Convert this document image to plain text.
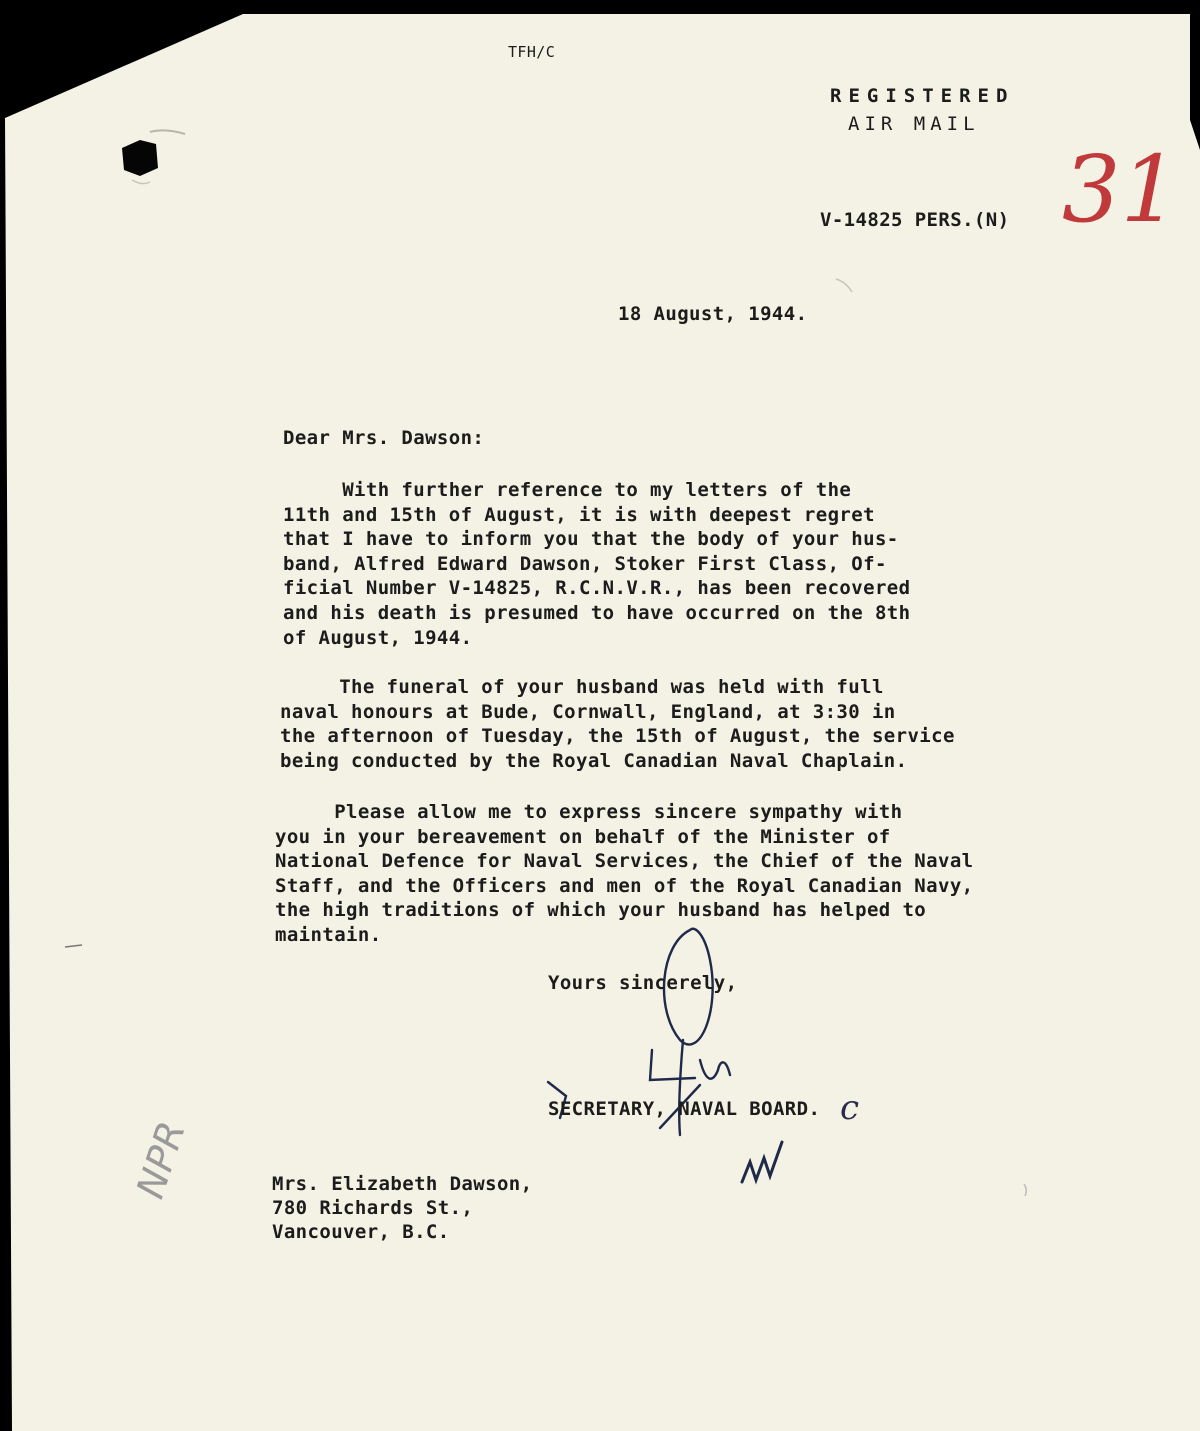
TFH/C
REGISTERED
AIR MAIL
V-14825 PERS.(N) 31
18 August, 1944.
Dear Mrs. Dawson:
With further reference to my letters of the
11th and 15th of August, it is with deepest regret
that I have to inform you that the body of your hus-
band, Alfred Edward Dawson, Stoker First Class, Of-
ficial Number V-14825, R.C.N.V.R., has been recovered
and his death is presumed to have occurred on the 8th
of August, 1944.
The funeral of your husband was held with full
naval honours at Bude, Cornwall, England, at 3:30 in
the afternoon of Tuesday, the 15th of August, the service
being conducted by the Royal Canadian Naval Chaplain.
Please allow me to express sincere sympathy with
you in your bereavement on behalf of the Minister of
National Defence for Naval Services, the Chief of the Naval
Staff, and the Officers and men of the Royal Canadian Navy,
the high traditions of which your husband has helped to
maintain.
Yours sincerely,
SECRETARY, NAVAL BOARD. c
NPR	Mrs. Elizabeth Dawson,
780 Richards St.,
Vancouver, B.C.
